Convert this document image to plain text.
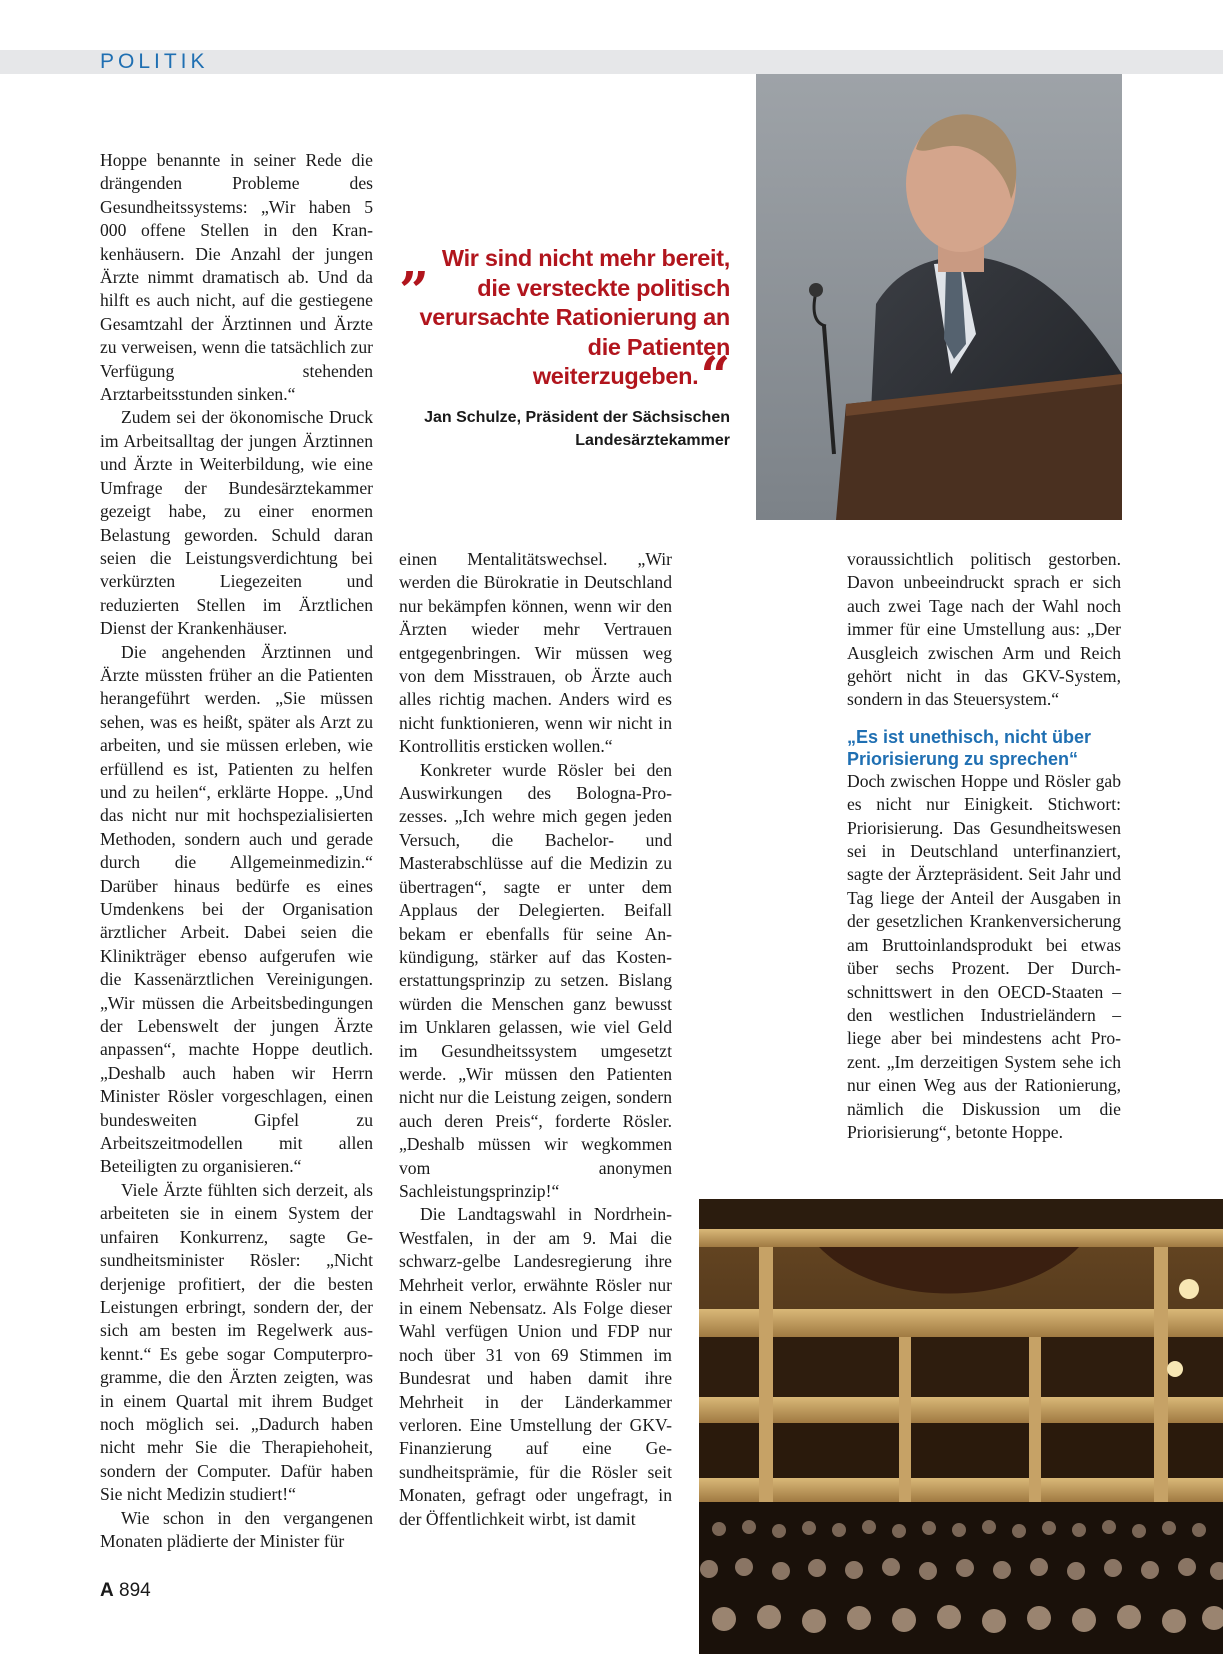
POLITIK

Hoppe benannte in seiner Rede die drängenden Probleme des Gesundheitssystems: „Wir haben 5 000 offene Stellen in den Krankenhäusern. Die Anzahl der jungen Ärzte nimmt dramatisch ab. Und da hilft es auch nicht, auf die gestiegene Gesamtzahl der Ärztinnen und Ärzte zu verweisen, wenn die tatsächlich zur Verfügung stehenden Arztarbeitsstunden sinken.“

Zudem sei der ökonomische Druck im Arbeitsalltag der jungen Ärztinnen und Ärzte in Weiterbildung, wie eine Umfrage der Bundesärztekammer gezeigt habe, zu einer enormen Belastung geworden. Schuld daran seien die Leistungsverdichtung bei verkürzten Liegezeiten und reduzierten Stellen im Ärztlichen Dienst der Krankenhäuser.

Die angehenden Ärztinnen und Ärzte müssten früher an die Patienten herangeführt werden. „Sie müssen sehen, was es heißt, später als Arzt zu arbeiten, und sie müssen erleben, wie erfüllend es ist, Patienten zu helfen und zu heilen“, erklärte Hoppe. „Und das nicht nur mit hochspezialisierten Methoden, sondern auch und gerade durch die Allgemeinmedizin.“ Darüber hinaus bedürfe es eines Umdenkens bei der Organisation ärztlicher Arbeit. Dabei seien die Klinikträger ebenso aufgerufen wie die Kassenärztlichen Vereinigungen. „Wir müssen die Arbeitsbedingungen der Lebenswelt der jungen Ärzte anpassen“, machte Hoppe deutlich. „Deshalb auch haben wir Herrn Minister Rösler vorgeschlagen, einen bundesweiten Gipfel zu Arbeitszeitmodellen mit allen Beteiligten zu organisieren.“

Viele Ärzte fühlten sich derzeit, als arbeiteten sie in einem System der unfairen Konkurrenz, sagte Gesundheitsminister Rösler: „Nicht derjenige profitiert, der die besten Leistungen erbringt, sondern der, der sich am besten im Regelwerk auskennt.“ Es gebe sogar Computerprogramme, die den Ärzten zeigten, was in einem Quartal mit ihrem Budget noch möglich sei. „Dadurch haben nicht mehr Sie die Therapiehoheit, sondern der Computer. Dafür haben Sie nicht Medizin studiert!“

Wie schon in den vergangenen Monaten plädierte der Minister für

„ Wir sind nicht mehr bereit, die versteckte politisch verursachte Rationierung an die Patienten weiterzugeben.“
Jan Schulze, Präsident der Sächsischen Landesärztekammer

einen Mentalitätswechsel. „Wir werden die Bürokratie in Deutschland nur bekämpfen können, wenn wir den Ärzten wieder mehr Vertrauen entgegenbringen. Wir müssen weg von dem Misstrauen, ob Ärzte auch alles richtig machen. Anders wird es nicht funktionieren, wenn wir nicht in Kontrollitis ersticken wollen.“

Konkreter wurde Rösler bei den Auswirkungen des Bologna-Prozesses. „Ich wehre mich gegen jeden Versuch, die Bachelor- und Masterabschlüsse auf die Medizin zu übertragen“, sagte er unter dem Applaus der Delegierten. Beifall bekam er ebenfalls für seine Ankündigung, stärker auf das Kostenerstattungsprinzip zu setzen. Bislang würden die Menschen ganz bewusst im Unklaren gelassen, wie viel Geld im Gesundheitssystem umgesetzt werde. „Wir müssen den Patienten nicht nur die Leistung zeigen, sondern auch deren Preis“, forderte Rösler. „Deshalb müssen wir wegkommen vom anonymen Sachleistungsprinzip!“

Die Landtagswahl in Nordrhein-Westfalen, in der am 9. Mai die schwarz-gelbe Landesregierung ihre Mehrheit verlor, erwähnte Rösler nur in einem Nebensatz. Als Folge dieser Wahl verfügen Union und FDP nur noch über 31 von 69 Stimmen im Bundesrat und haben damit ihre Mehrheit in der Länderkammer verloren. Eine Umstellung der GKV-Finanzierung auf eine Gesundheitsprämie, für die Rösler seit Monaten, gefragt oder ungefragt, in der Öffentlichkeit wirbt, ist damit

voraussichtlich politisch gestorben. Davon unbeeindruckt sprach er sich auch zwei Tage nach der Wahl noch immer für eine Umstellung aus: „Der Ausgleich zwischen Arm und Reich gehört nicht in das GKV-System, sondern in das Steuersystem.“

„Es ist unethisch, nicht über Priorisierung zu sprechen“

Doch zwischen Hoppe und Rösler gab es nicht nur Einigkeit. Stichwort: Priorisierung. Das Gesundheitswesen sei in Deutschland unterfinanziert, sagte der Ärztepräsident. Seit Jahr und Tag liege der Anteil der Ausgaben in der gesetzlichen Krankenversicherung am Bruttoinlandsprodukt bei etwas über sechs Prozent. Der Durchschnittswert in den OECD-Staaten – den westlichen Industrieländern – liege aber bei mindestens acht Prozent. „Im derzeitigen System sehe ich nur einen Weg aus der Rationierung, nämlich die Diskussion um die Priorisierung“, betonte Hoppe.

A 894
